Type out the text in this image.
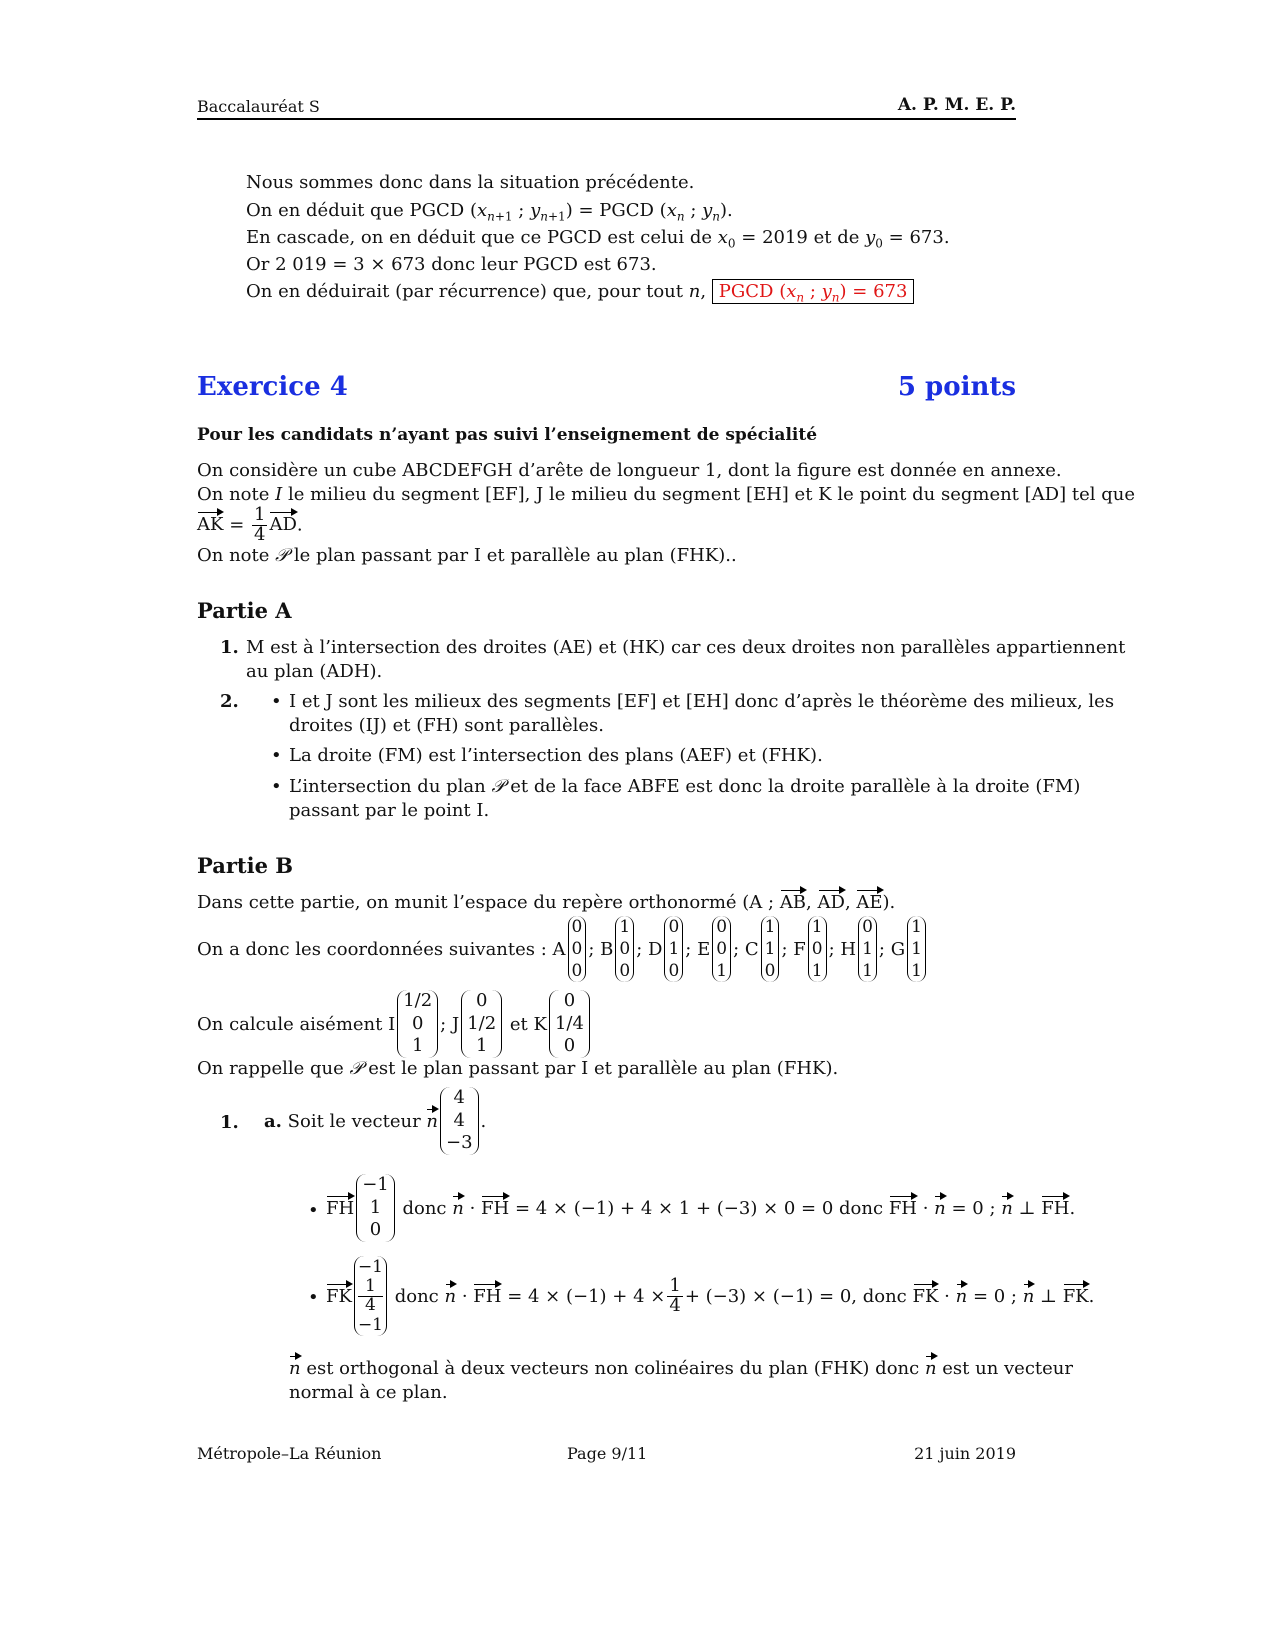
Baccalauréat S	A. P. M. E. P.
Nous sommes donc dans la situation précédente.
On en déduit que PGCD ($x_{n+1}$ ; $y_{n+1}$) = PGCD ($x_n$ ; $y_n$).
En cascade, on en déduit que ce PGCD est celui de $x_0 = 2019$ et de $y_0 = 673$.
Or 2 019 = 3 × 673 donc leur PGCD est 673.
On en déduirait (par récurrence) que, pour tout n, PGCD ($x_n$ ; $y_n) = 673$
Exercice 4	5 points
Pour les candidats n’ayant pas suivi l’enseignement de spécialité
On considère un cube ABCDEFGH d’arête de longueur 1, dont la figure est donnée en annexe.
On note I le milieu du segment [EF], J le milieu du segment [EH] et K le point du segment [AD] tel que
AK = $\frac{1}{4}$ AD.
On note 𝒫 le plan passant par I et parallèle au plan (FHK)..
Partie A
1. M est à l’intersection des droites (AE) et (HK) car ces deux droites non parallèles appartiennent
au plan (ADH).
2. • I et J sont les milieux des segments [EF] et [EH] donc d’après le théorème des milieux, les
droites (IJ) et (FH) sont parallèles.
• La droite (FM) est l’intersection des plans (AEF) et (FHK).
• L’intersection du plan 𝒫 et de la face ABFE est donc la droite parallèle à la droite (FM)
passant par le point I.
Partie B
Dans cette partie, on munit l’espace du repère orthonormé (A ; AB, AD, AE).
On a donc les coordonnées suivantes :
A
0
0
0
; B
1
0
0
; D
0
1
0
; E
0
0
1
; C
1
1
0
; F
1
0
1
; H
0
1
1
; G
1
1
1
On calcule aisément I
1/2
0
1
; J
0
1/2
1

et K
0
1/4
0
On rappelle que 𝒫 est le plan passant par I et parallèle au plan (FHK).
1. a.
Soit le vecteur
n
4
4
−3
.
• FH
−1
1
0

donc
n · FH
= 4 × (−1) + 4 × 1 + (−3) × 0 = 0 donc
FH · n
= 0 ;
n ⊥ FH .
• FK
−1
$\frac{1}{4}$
−1

donc
n · FH
= $4 \times (-1) + 4 \times \frac{1}{4} + (-3) \times (-1) = 0$, donc
FK · n
= 0 ;
n ⊥ FK .
n est orthogonal à deux vecteurs non colinéaires du plan (FHK) donc n est un vecteur
normal à ce plan.
Métropole–La Réunion	Page 9/11	21 juin 2019
